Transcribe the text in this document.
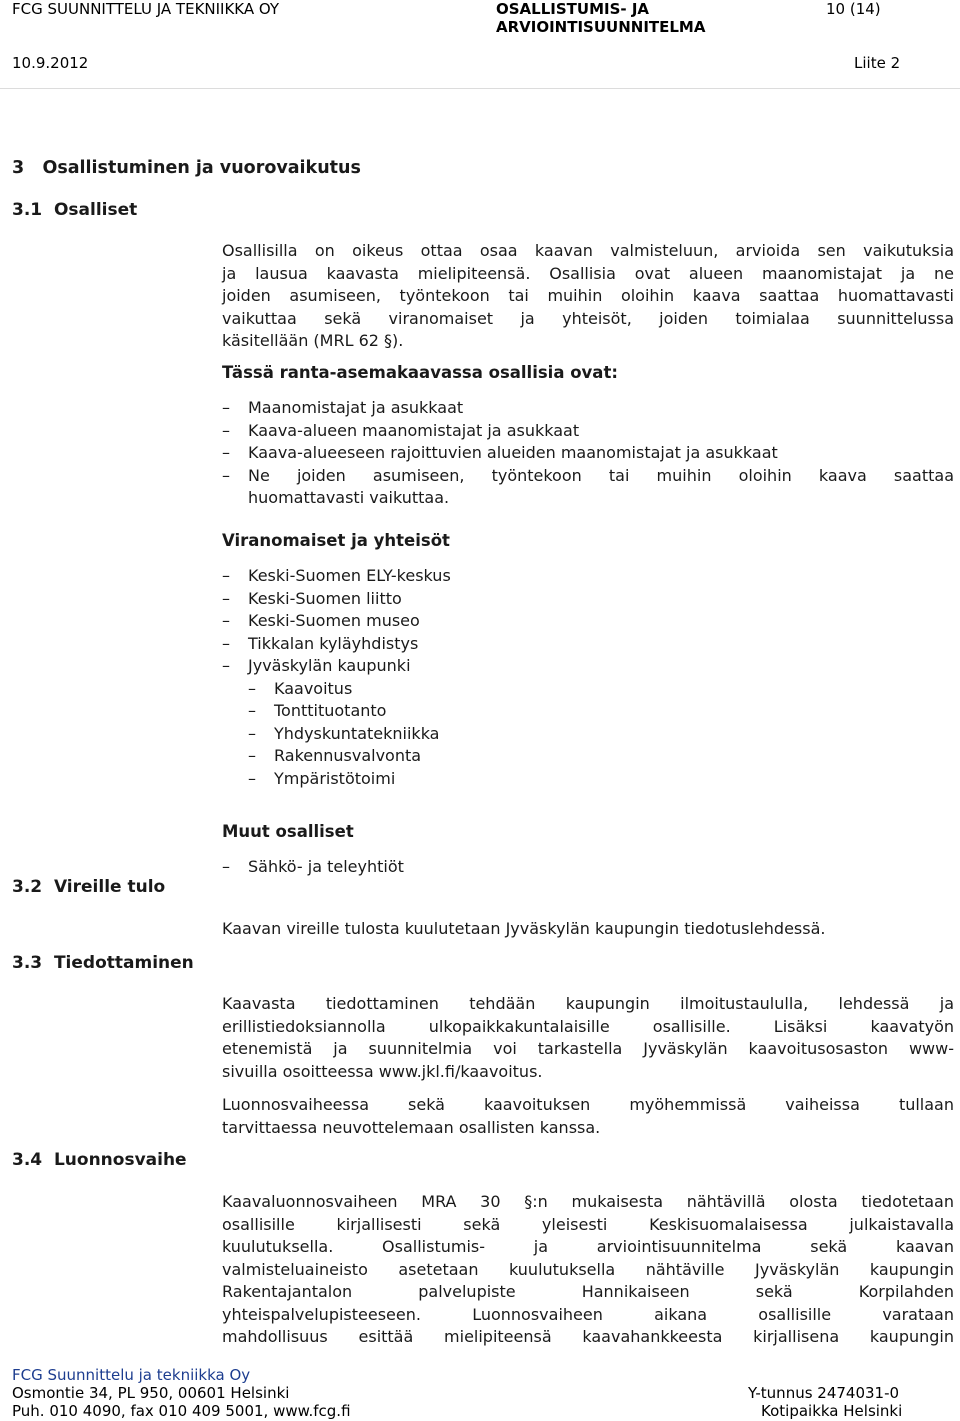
FCG SUUNNITTELU JA TEKNIIKKA OY	OSALLISTUMIS- JA
ARVIOINTISUUNNITELMA
10 (14)
10.9.2012	Liite 2
3   Osallistuminen ja vuorovaikutus
3.1  Osalliset
Osallisilla on oikeus ottaa osaa kaavan valmisteluun, arvioida sen vaikutuksia
ja lausua kaavasta mielipiteensä. Osallisia ovat alueen maanomistajat ja ne
joiden asumiseen, työntekoon tai muihin oloihin kaava saattaa huomattavasti
vaikuttaa sekä viranomaiset ja yhteisöt, joiden toimialaa suunnittelussa
käsitellään (MRL 62 §).
Tässä ranta-asemakaavassa osallisia ovat:
– Maanomistajat ja asukkaat
– Kaava-alueen maanomistajat ja asukkaat
– Kaava-alueeseen rajoittuvien alueiden maanomistajat ja asukkaat
– Ne joiden asumiseen, työntekoon tai muihin oloihin kaava saattaa
huomattavasti vaikuttaa.
Viranomaiset ja yhteisöt
– Keski-Suomen ELY-keskus
– Keski-Suomen liitto
– Keski-Suomen museo
– Tikkalan kyläyhdistys
– Jyväskylän kaupunki
– Kaavoitus
– Tonttituotanto
– Yhdyskuntatekniikka
– Rakennusvalvonta
– Ympäristötoimi
Muut osalliset
– Sähkö- ja teleyhtiöt
3.2  Vireille tulo
Kaavan vireille tulosta kuulutetaan Jyväskylän kaupungin tiedotuslehdessä.
3.3  Tiedottaminen
Kaavasta tiedottaminen tehdään kaupungin ilmoitustaululla, lehdessä ja
erillistiedoksiannolla ulkopaikkakuntalaisille osallisille. Lisäksi kaavatyön
etenemistä ja suunnitelmia voi tarkastella Jyväskylän kaavoitusosaston www-
sivuilla osoitteessa www.jkl.fi/kaavoitus.
Luonnosvaiheessa sekä kaavoituksen myöhemmissä vaiheissa tullaan
tarvittaessa neuvottelemaan osallisten kanssa.
3.4  Luonnosvaihe
Kaavaluonnosvaiheen MRA 30 §:n mukaisesta nähtävillä olosta tiedotetaan
osallisille kirjallisesti sekä yleisesti Keskisuomalaisessa julkaistavalla
kuulutuksella. Osallistumis- ja arviointisuunnitelma sekä kaavan
valmisteluaineisto asetetaan kuulutuksella nähtäville Jyväskylän kaupungin
Rakentajantalon palvelupiste Hannikaiseen sekä Korpilahden
yhteispalvelupisteeseen. Luonnosvaiheen aikana osallisille varataan
mahdollisuus esittää mielipiteensä kaavahankkeesta kirjallisena kaupungin
FCG Suunnittelu ja tekniikka Oy
Osmontie 34, PL 950, 00601 Helsinki
Puh. 010 4090, fax 010 409 5001, www.fcg.fi
Y-tunnus 2474031-0
Kotipaikka Helsinki
